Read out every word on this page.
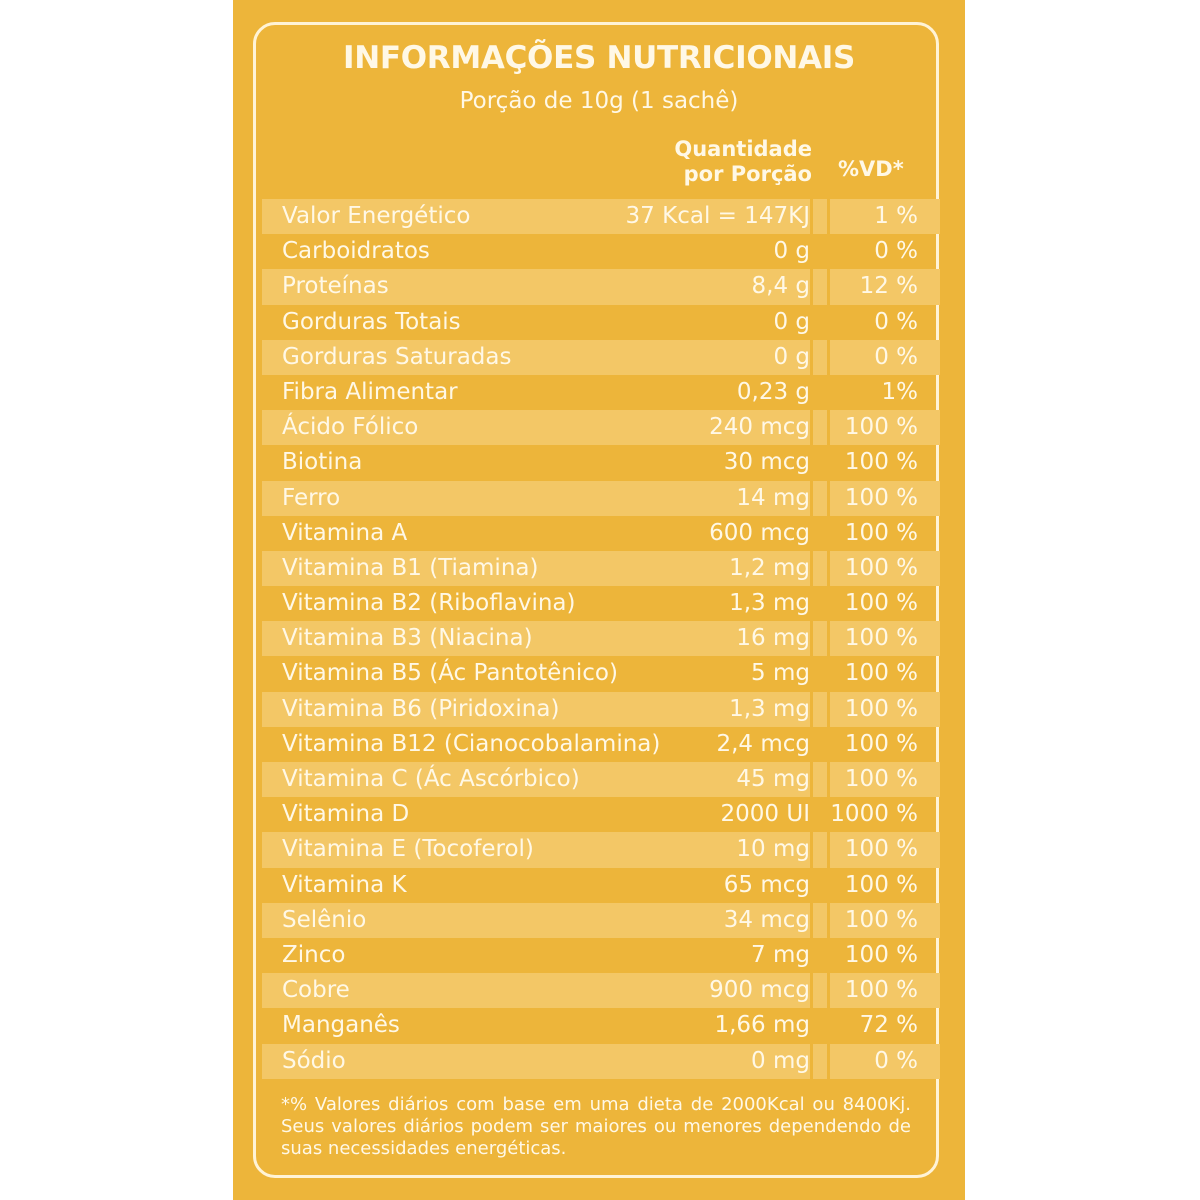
INFORMAÇÕES NUTRICIONAIS
Porção de 10g (1 sachê)
Quantidade
por Porção %VD*
Valor Energético	37 Kcal = 147KJ	1 %
Carboidratos	0 g	0 %
Proteínas	8,4 g 12 %
Gorduras Totais	0 g	0 %
Gorduras Saturadas	0 g	0 %
Fibra Alimentar	0,23 g	1%
Ácido Fólico	240 mcg 100 %
Biotina	30 mcg 100 %
Ferro	14 mg 100 %
Vitamina A	600 mcg 100 %
Vitamina B1 (Tiamina)	1,2 mg 100 %
Vitamina B2 (Riboflavina)	1,3 mg 100 %
Vitamina B3 (Niacina)	16 mg 100 %
Vitamina B5 (Ác Pantotênico)	5 mg 100 %
Vitamina B6 (Piridoxina)	1,3 mg 100 %
Vitamina B12 (Cianocobalamina) 2,4 mcg 100 %
Vitamina C (Ác Ascórbico)	45 mg 100 %
Vitamina D	2000 UI 1000 %
Vitamina E (Tocoferol)	10 mg 100 %
Vitamina K	65 mcg 100 %
Selênio	34 mcg 100 %
Zinco	7 mg 100 %
Cobre	900 mcg 100 %
Manganês	1,66 mg 72 %
Sódio	0 mg	0 %
*% Valores diários com base em uma dieta de 2000Kcal ou 8400Kj. Seus valores diários podem ser maiores ou menores dependendo de suas necessidades energéticas.
